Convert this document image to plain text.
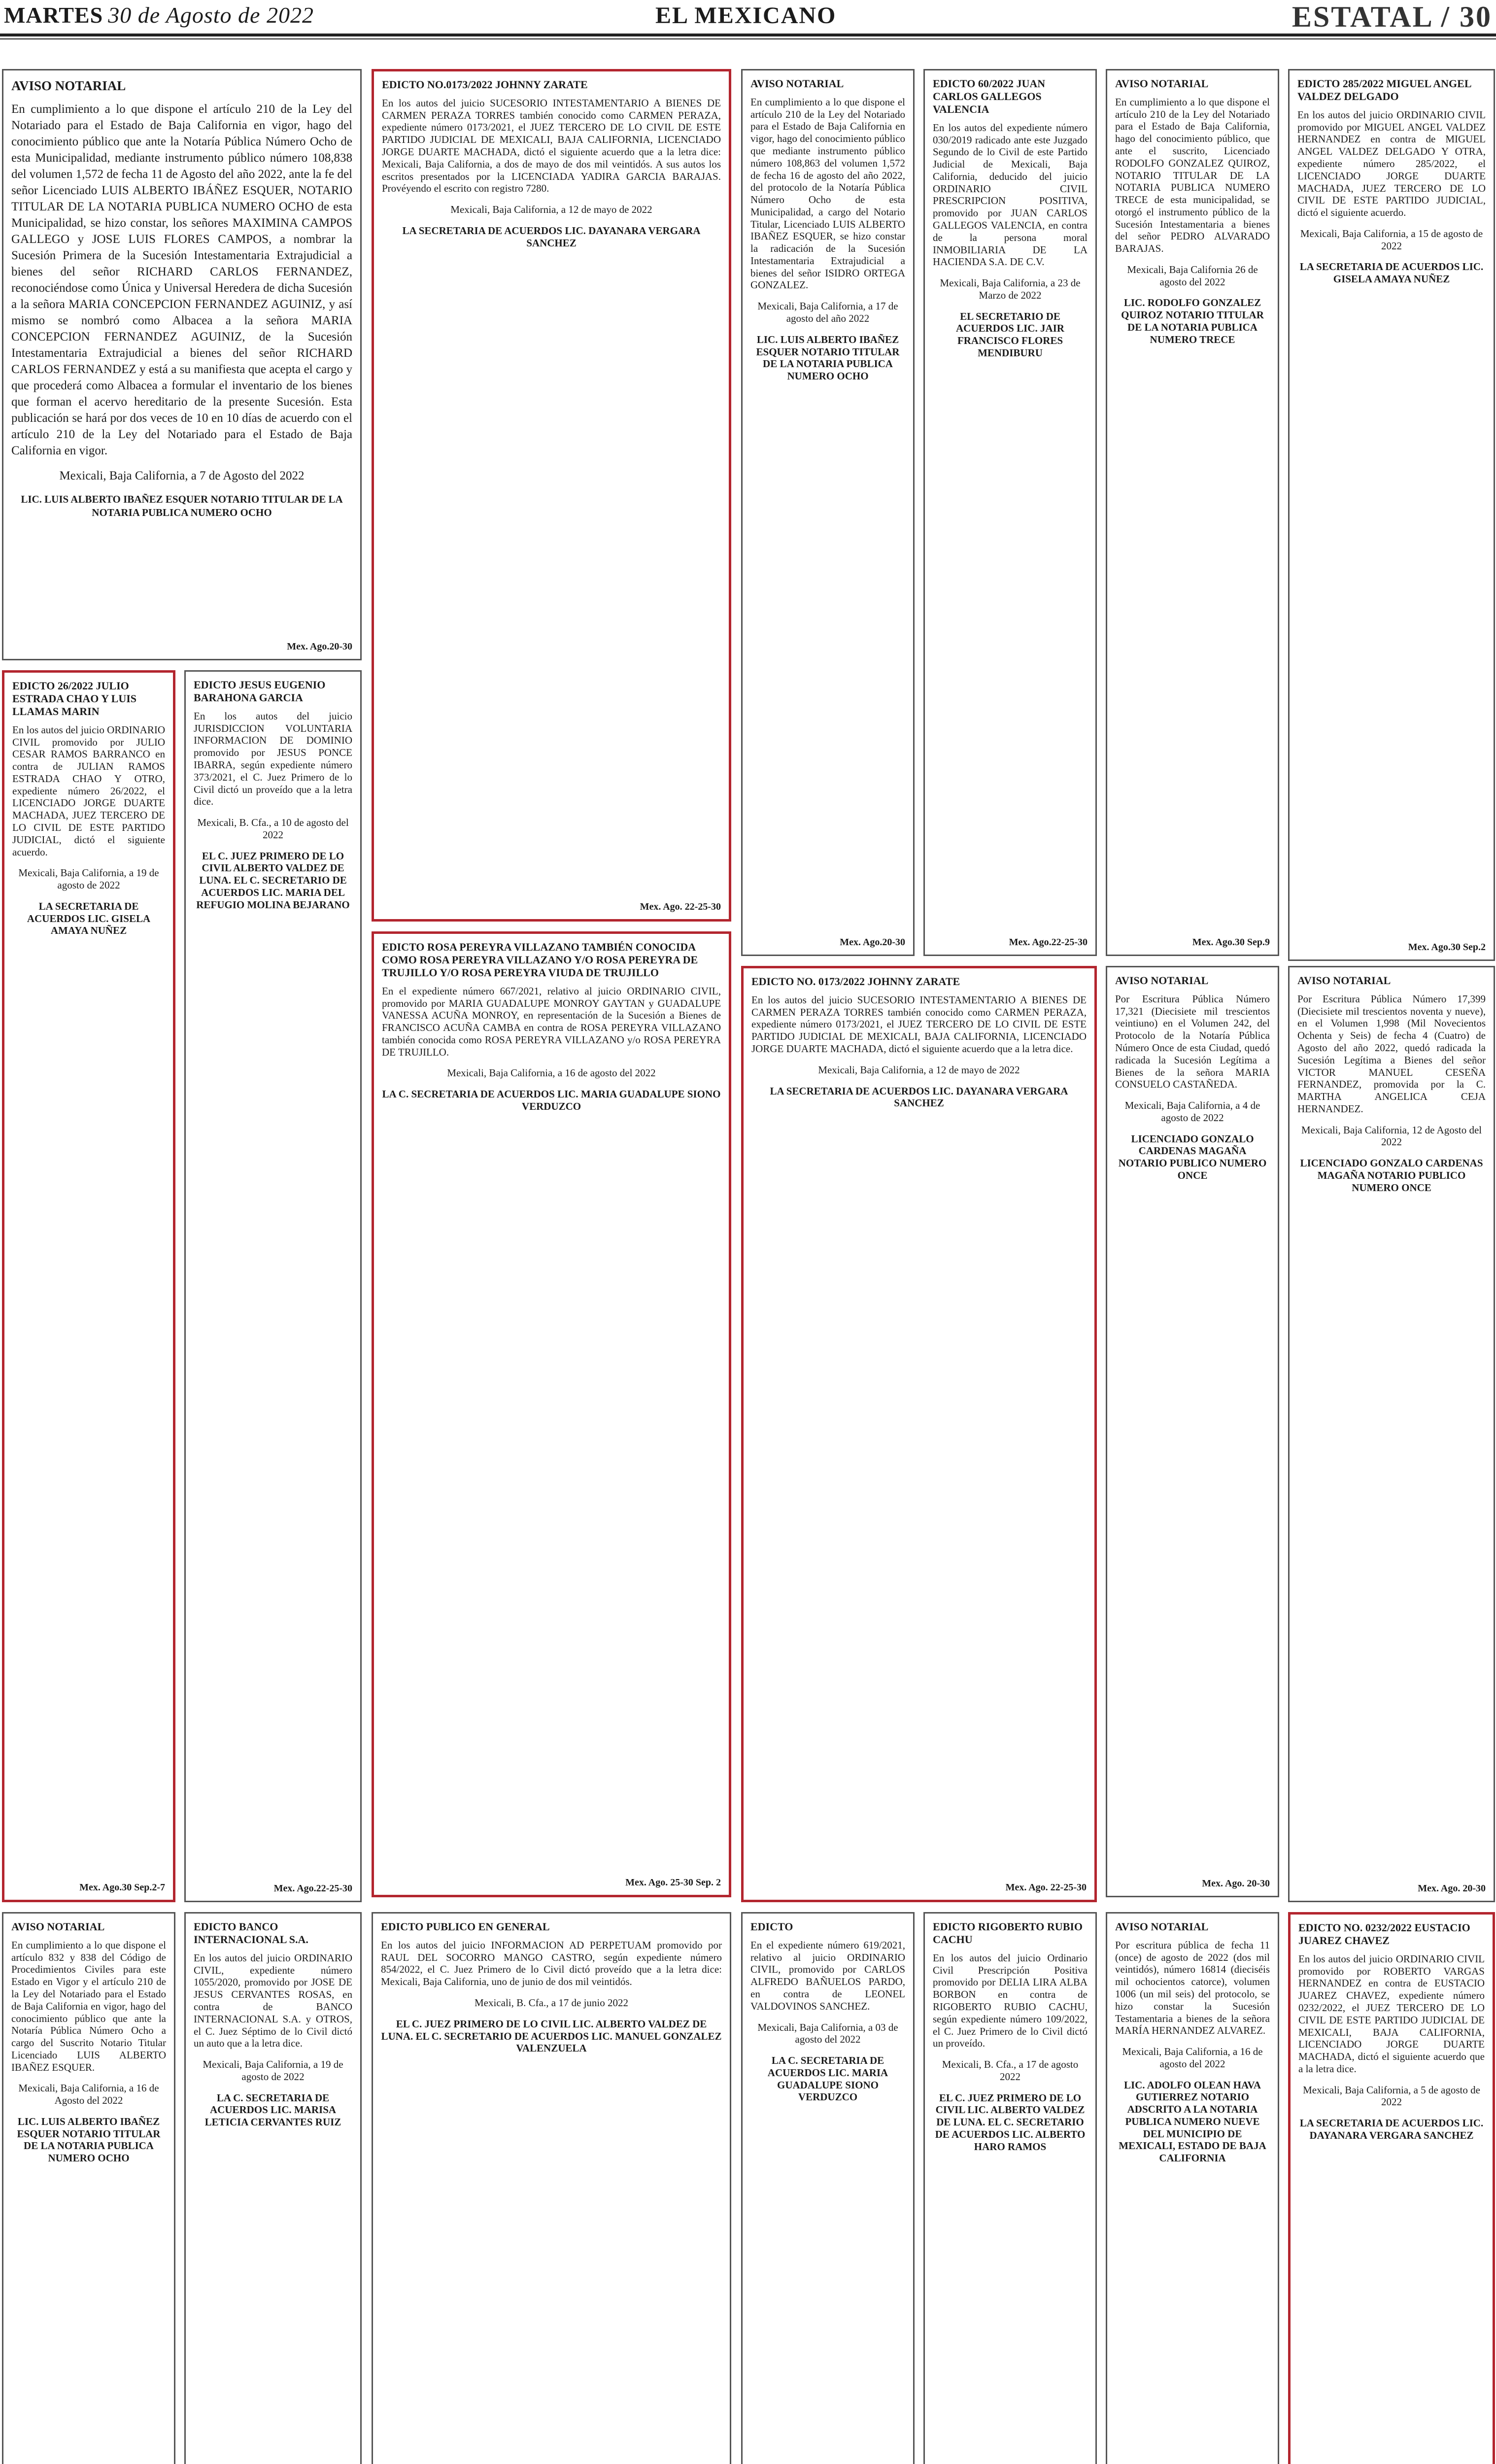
MARTES 30 de Agosto de 2022	EL MEXICANO	ESTATAL / 30
AVISO NOTARIAL

En cumplimiento a lo que dispone el artículo 210 de la Ley del Notariado para el Estado de Baja California en vigor, hago del conocimiento público que ante la Notaría Pública Número Ocho de esta Municipalidad, mediante instrumento público número 108,838 del volumen 1,572 de fecha 11 de Agosto del año 2022, ante la fe del señor Licenciado LUIS ALBERTO IBÁÑEZ ESQUER, NOTARIO TITULAR DE LA NOTARIA PUBLICA NUMERO OCHO de esta Municipalidad, se hizo constar, los señores MAXIMINA CAMPOS GALLEGO y JOSE LUIS FLORES CAMPOS, a nombrar la Sucesión Primera de la Sucesión Intestamentaria Extrajudicial a bienes del señor RICHARD CARLOS FERNANDEZ, reconociéndose como Única y Universal Heredera de dicha Sucesión a la señora MARIA CONCEPCION FERNANDEZ AGUINIZ, y así mismo se nombró como Albacea a la señora MARIA CONCEPCION FERNANDEZ AGUINIZ, de la Sucesión Intestamentaria Extrajudicial a bienes del señor RICHARD CARLOS FERNANDEZ y está a su manifiesta que acepta el cargo y que procederá como Albacea a formular el inventario de los bienes que forman el acervo hereditario de la presente Sucesión. Esta publicación se hará por dos veces de 10 en 10 días de acuerdo con el artículo 210 de la Ley del Notariado para el Estado de Baja California en vigor.

Mexicali, Baja California, a 7 de Agosto del 2022

LIC. LUIS ALBERTO IBAÑEZ ESQUER NOTARIO TITULAR DE LA NOTARIA PUBLICA NUMERO OCHO
Mex. Ago.20-30
EDICTO NO.0173/2022 JOHNNY ZARATE

En los autos del juicio SUCESORIO INTESTAMENTARIO A BIENES DE CARMEN PERAZA TORRES también conocido como CARMEN PERAZA, expediente número 0173/2021, el JUEZ TERCERO DE LO CIVIL DE ESTE PARTIDO JUDICIAL DE MEXICALI, BAJA CALIFORNIA, LICENCIADO JORGE DUARTE MACHADA, dictó el siguiente acuerdo que a la letra dice: Mexicali, Baja California, a dos de mayo de dos mil veintidós. A sus autos los escritos presentados por la LICENCIADA YADIRA GARCIA BARAJAS. Provéyendo el escrito con registro 7280.

Mexicali, Baja California, a 12 de mayo de 2022

LA SECRETARIA DE ACUERDOS LIC. DAYANARA VERGARA SANCHEZ
Mex. Ago. 22-25-30
AVISO NOTARIAL

En cumplimiento a lo que dispone el artículo 210 de la Ley del Notariado para el Estado de Baja California en vigor, hago del conocimiento público que mediante instrumento público número 108,863 del volumen 1,572 de fecha 16 de agosto del año 2022, del protocolo de la Notaría Pública Número Ocho de esta Municipalidad, a cargo del Notario Titular, Licenciado LUIS ALBERTO IBAÑEZ ESQUER, se hizo constar la radicación de la Sucesión Intestamentaria Extrajudicial a bienes del señor ISIDRO ORTEGA GONZALEZ.

Mexicali, Baja California, a 17 de agosto del año 2022

LIC. LUIS ALBERTO IBAÑEZ ESQUER NOTARIO TITULAR DE LA NOTARIA PUBLICA NUMERO OCHO
Mex. Ago.20-30
EDICTO 60/2022 JUAN CARLOS GALLEGOS VALENCIA

En los autos del expediente número 030/2019 radicado ante este Juzgado Segundo de lo Civil de este Partido Judicial de Mexicali, Baja California, deducido del juicio ORDINARIO CIVIL PRESCRIPCION POSITIVA, promovido por JUAN CARLOS GALLEGOS VALENCIA, en contra de la persona moral INMOBILIARIA DE LA HACIENDA S.A. DE C.V.

Mexicali, Baja California, a 23 de Marzo de 2022

EL SECRETARIO DE ACUERDOS LIC. JAIR FRANCISCO FLORES MENDIBURU
Mex. Ago.22-25-30
AVISO NOTARIAL

En cumplimiento a lo que dispone el artículo 210 de la Ley del Notariado para el Estado de Baja California, hago del conocimiento público, que ante el suscrito, Licenciado RODOLFO GONZALEZ QUIROZ, NOTARIO TITULAR DE LA NOTARIA PUBLICA NUMERO TRECE de esta municipalidad, se otorgó el instrumento público de la Sucesión Intestamentaria a bienes del señor PEDRO ALVARADO BARAJAS.

Mexicali, Baja California 26 de agosto del 2022

LIC. RODOLFO GONZALEZ QUIROZ NOTARIO TITULAR DE LA NOTARIA PUBLICA NUMERO TRECE
Mex. Ago.30 Sep.9
EDICTO 285/2022 MIGUEL ANGEL VALDEZ DELGADO

En los autos del juicio ORDINARIO CIVIL promovido por MIGUEL ANGEL VALDEZ HERNANDEZ en contra de MIGUEL ANGEL VALDEZ DELGADO Y OTRA, expediente número 285/2022, el LICENCIADO JORGE DUARTE MACHADA, JUEZ TERCERO DE LO CIVIL DE ESTE PARTIDO JUDICIAL, dictó el siguiente acuerdo.

Mexicali, Baja California, a 15 de agosto de 2022

LA SECRETARIA DE ACUERDOS LIC. GISELA AMAYA NUÑEZ
Mex. Ago.30 Sep.2
EDICTO 26/2022 JULIO ESTRADA CHAO Y LUIS LLAMAS MARIN

En los autos del juicio ORDINARIO CIVIL promovido por JULIO CESAR RAMOS BARRANCO en contra de JULIAN RAMOS ESTRADA CHAO Y OTRO, expediente número 26/2022, el LICENCIADO JORGE DUARTE MACHADA, JUEZ TERCERO DE LO CIVIL DE ESTE PARTIDO JUDICIAL, dictó el siguiente acuerdo.

Mexicali, Baja California, a 19 de agosto de 2022

LA SECRETARIA DE ACUERDOS LIC. GISELA AMAYA NUÑEZ
Mex. Ago.30 Sep.2-7
EDICTO JESUS EUGENIO BARAHONA GARCIA

En los autos del juicio JURISDICCION VOLUNTARIA INFORMACION DE DOMINIO promovido por JESUS PONCE IBARRA, según expediente número 373/2021, el C. Juez Primero de lo Civil dictó un proveído que a la letra dice.

Mexicali, B. Cfa., a 10 de agosto del 2022

EL C. JUEZ PRIMERO DE LO CIVIL ALBERTO VALDEZ DE LUNA. EL C. SECRETARIO DE ACUERDOS LIC. MARIA DEL REFUGIO MOLINA BEJARANO
Mex. Ago.22-25-30
EDICTO ROSA PEREYRA VILLAZANO TAMBIÉN CONOCIDA COMO ROSA PEREYRA VILLAZANO Y/O ROSA PEREYRA DE TRUJILLO Y/O ROSA PEREYRA VIUDA DE TRUJILLO

En el expediente número 667/2021, relativo al juicio ORDINARIO CIVIL, promovido por MARIA GUADALUPE MONROY GAYTAN y GUADALUPE VANESSA ACUÑA MONROY, en representación de la Sucesión a Bienes de FRANCISCO ACUÑA CAMBA en contra de ROSA PEREYRA VILLAZANO también conocida como ROSA PEREYRA VILLAZANO y/o ROSA PEREYRA DE TRUJILLO.

Mexicali, Baja California, a 16 de agosto del 2022

LA C. SECRETARIA DE ACUERDOS LIC. MARIA GUADALUPE SIONO VERDUZCO
Mex. Ago. 25-30 Sep. 2
EDICTO NO. 0173/2022 JOHNNY ZARATE

En los autos del juicio SUCESORIO INTESTAMENTARIO A BIENES DE CARMEN PERAZA TORRES también conocido como CARMEN PERAZA, expediente número 0173/2021, el JUEZ TERCERO DE LO CIVIL DE ESTE PARTIDO JUDICIAL DE MEXICALI, BAJA CALIFORNIA, LICENCIADO JORGE DUARTE MACHADA, dictó el siguiente acuerdo que a la letra dice.

Mexicali, Baja California, a 12 de mayo de 2022

LA SECRETARIA DE ACUERDOS LIC. DAYANARA VERGARA SANCHEZ
Mex. Ago. 22-25-30
AVISO NOTARIAL

Por Escritura Pública Número 17,321 (Diecisiete mil trescientos veintiuno) en el Volumen 242, del Protocolo de la Notaría Pública Número Once de esta Ciudad, quedó radicada la Sucesión Legítima a Bienes de la señora MARIA CONSUELO CASTAÑEDA.

Mexicali, Baja California, a 4 de agosto de 2022

LICENCIADO GONZALO CARDENAS MAGAÑA NOTARIO PUBLICO NUMERO ONCE
Mex. Ago. 20-30
AVISO NOTARIAL

Por Escritura Pública Número 17,399 (Diecisiete mil trescientos noventa y nueve), en el Volumen 1,998 (Mil Novecientos Ochenta y Seis) de fecha 4 (Cuatro) de Agosto del año 2022, quedó radicada la Sucesión Legítima a Bienes del señor VICTOR MANUEL CESEÑA FERNANDEZ, promovida por la C. MARTHA ANGELICA CEJA HERNANDEZ.

Mexicali, Baja California, 12 de Agosto del 2022

LICENCIADO GONZALO CARDENAS MAGAÑA NOTARIO PUBLICO NUMERO ONCE
Mex. Ago. 20-30
AVISO NOTARIAL

En cumplimiento a lo que dispone el artículo 832 y 838 del Código de Procedimientos Civiles para este Estado en Vigor y el artículo 210 de la Ley del Notariado para el Estado de Baja California en vigor, hago del conocimiento público que ante la Notaría Pública Número Ocho a cargo del Suscrito Notario Titular Licenciado LUIS ALBERTO IBAÑEZ ESQUER.

Mexicali, Baja California, a 16 de Agosto del 2022

LIC. LUIS ALBERTO IBAÑEZ ESQUER NOTARIO TITULAR DE LA NOTARIA PUBLICA NUMERO OCHO
EDICTO BANCO INTERNACIONAL S.A.

En los autos del juicio ORDINARIO CIVIL, expediente número 1055/2020, promovido por JOSE DE JESUS CERVANTES ROSAS, en contra de BANCO INTERNACIONAL S.A. y OTROS, el C. Juez Séptimo de lo Civil dictó un auto que a la letra dice.

Mexicali, Baja California, a 19 de agosto de 2022

LA C. SECRETARIA DE ACUERDOS LIC. MARISA LETICIA CERVANTES RUIZ
EDICTO PUBLICO EN GENERAL

En los autos del juicio INFORMACION AD PERPETUAM promovido por RAUL DEL SOCORRO MANGO CASTRO, según expediente número 854/2022, el C. Juez Primero de lo Civil dictó proveído que a la letra dice: Mexicali, Baja California, uno de junio de dos mil veintidós.

Mexicali, B. Cfa., a 17 de junio 2022

EL C. JUEZ PRIMERO DE LO CIVIL LIC. ALBERTO VALDEZ DE LUNA. EL C. SECRETARIO DE ACUERDOS LIC. MANUEL GONZALEZ VALENZUELA
EDICTO

En el expediente número 619/2021, relativo al juicio ORDINARIO CIVIL, promovido por CARLOS ALFREDO BAÑUELOS PARDO, en contra de LEONEL VALDOVINOS SANCHEZ.

Mexicali, Baja California, a 03 de agosto del 2022

LA C. SECRETARIA DE ACUERDOS LIC. MARIA GUADALUPE SIONO VERDUZCO
EDICTO RIGOBERTO RUBIO CACHU

En los autos del juicio Ordinario Civil Prescripción Positiva promovido por DELIA LIRA ALBA BORBON en contra de RIGOBERTO RUBIO CACHU, según expediente número 109/2022, el C. Juez Primero de lo Civil dictó un proveído.

Mexicali, B. Cfa., a 17 de agosto 2022

EL C. JUEZ PRIMERO DE LO CIVIL LIC. ALBERTO VALDEZ DE LUNA. EL C. SECRETARIO DE ACUERDOS LIC. ALBERTO HARO RAMOS
AVISO NOTARIAL

Por escritura pública de fecha 11 (once) de agosto de 2022 (dos mil veintidós), número 16814 (dieciséis mil ochocientos catorce), volumen 1006 (un mil seis) del protocolo, se hizo constar la Sucesión Testamentaria a bienes de la señora MARÍA HERNANDEZ ALVAREZ.

Mexicali, Baja California, a 16 de agosto del 2022

LIC. ADOLFO OLEAN HAVA GUTIERREZ NOTARIO ADSCRITO A LA NOTARIA PUBLICA NUMERO NUEVE DEL MUNICIPIO DE MEXICALI, ESTADO DE BAJA CALIFORNIA
EDICTO NO. 0232/2022 EUSTACIO JUAREZ CHAVEZ

En los autos del juicio ORDINARIO CIVIL promovido por ROBERTO VARGAS HERNANDEZ en contra de EUSTACIO JUAREZ CHAVEZ, expediente número 0232/2022, el JUEZ TERCERO DE LO CIVIL DE ESTE PARTIDO JUDICIAL DE MEXICALI, BAJA CALIFORNIA, LICENCIADO JORGE DUARTE MACHADA, dictó el siguiente acuerdo que a la letra dice.

Mexicali, Baja California, a 5 de agosto de 2022

LA SECRETARIA DE ACUERDOS LIC. DAYANARA VERGARA SANCHEZ
